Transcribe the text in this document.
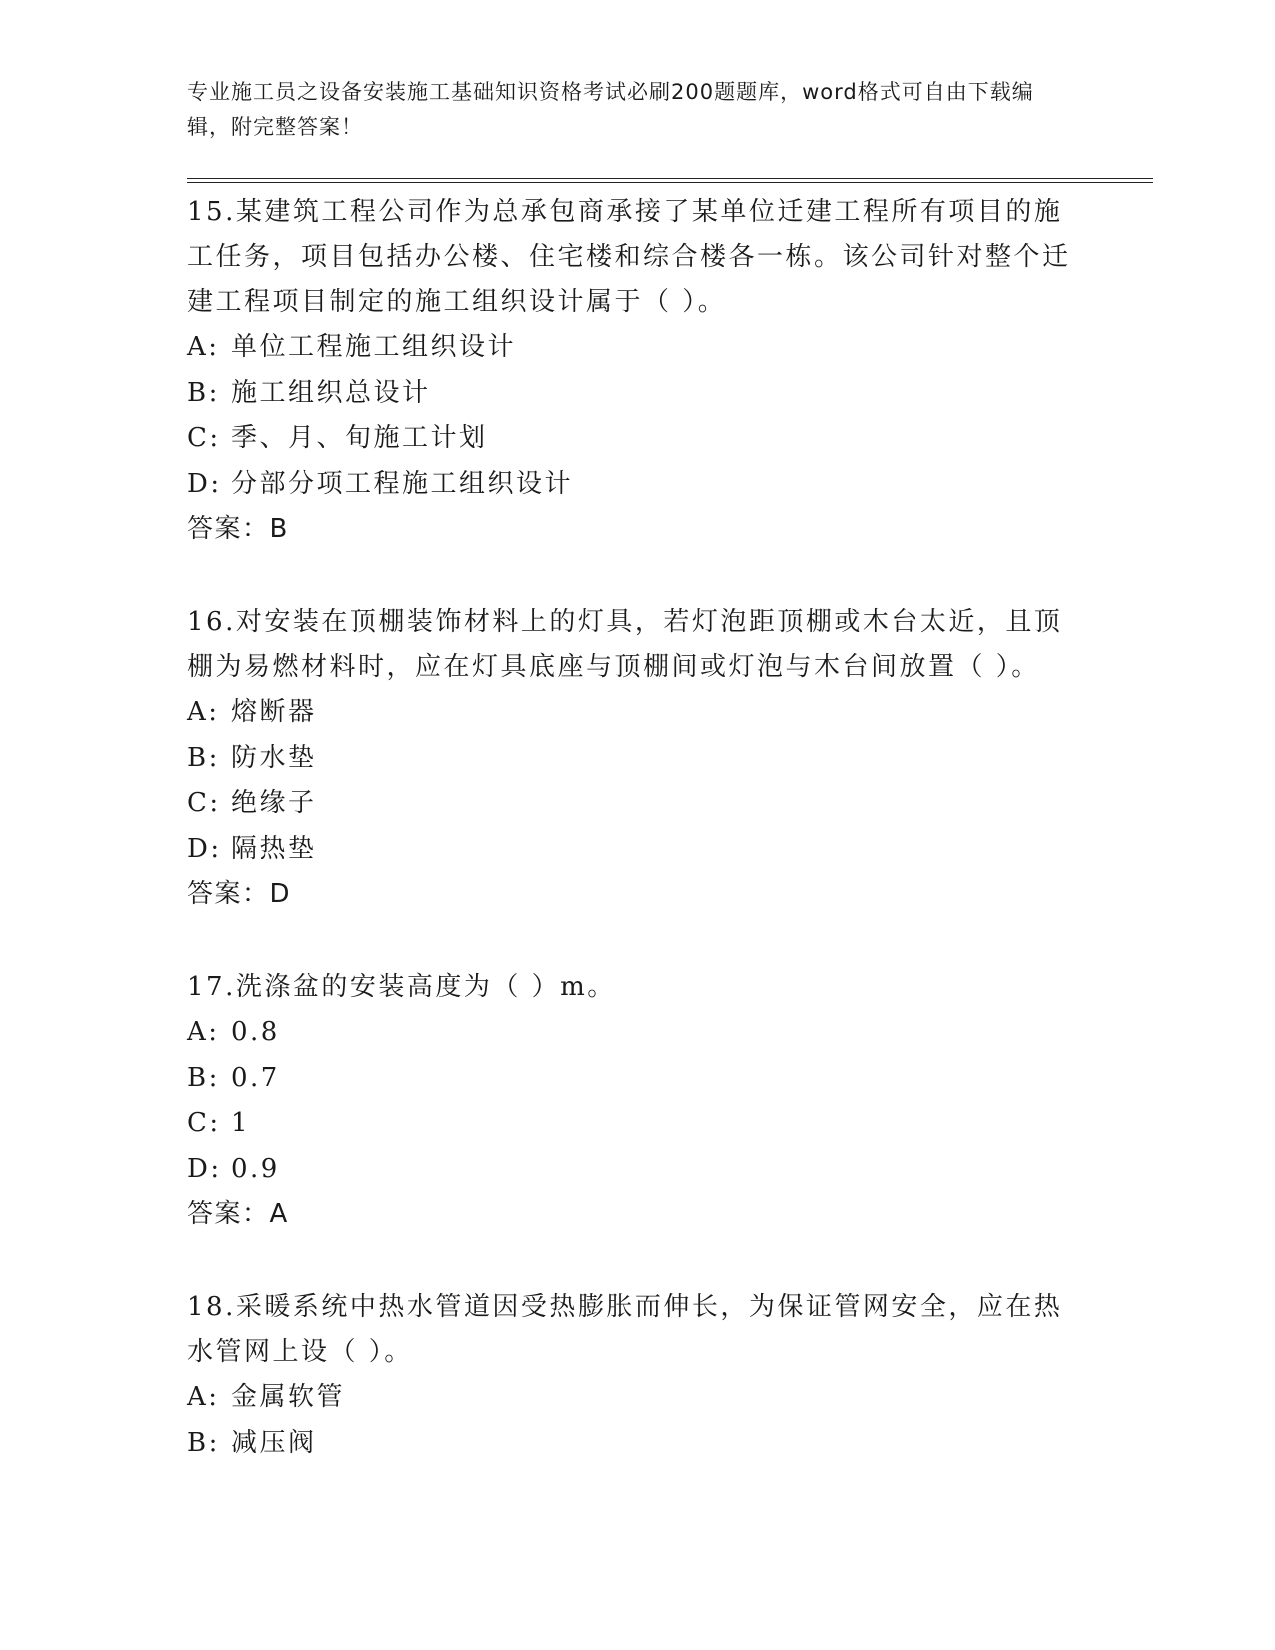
专业施工员之设备安装施工基础知识资格考试必刷200题题库，word格式可自由下载编辑，附完整答案！

15.某建筑工程公司作为总承包商承接了某单位迁建工程所有项目的施工任务，项目包括办公楼、住宅楼和综合楼各一栋。该公司针对整个迁建工程项目制定的施工组织设计属于（ ）。

A: 单位工程施工组织设计

B: 施工组织总设计

C: 季、月、旬施工计划

D: 分部分项工程施工组织设计

答案：B

16.对安装在顶棚装饰材料上的灯具，若灯泡距顶棚或木台太近，且顶棚为易燃材料时，应在灯具底座与顶棚间或灯泡与木台间放置（ ）。

A: 熔断器

B: 防水垫

C: 绝缘子

D: 隔热垫

答案：D

17.洗涤盆的安装高度为（ ）m。

A: 0.8

B: 0.7

C: 1

D: 0.9

答案：A

18.采暖系统中热水管道因受热膨胀而伸长，为保证管网安全，应在热水管网上设（ ）。

A: 金属软管

B: 减压阀
